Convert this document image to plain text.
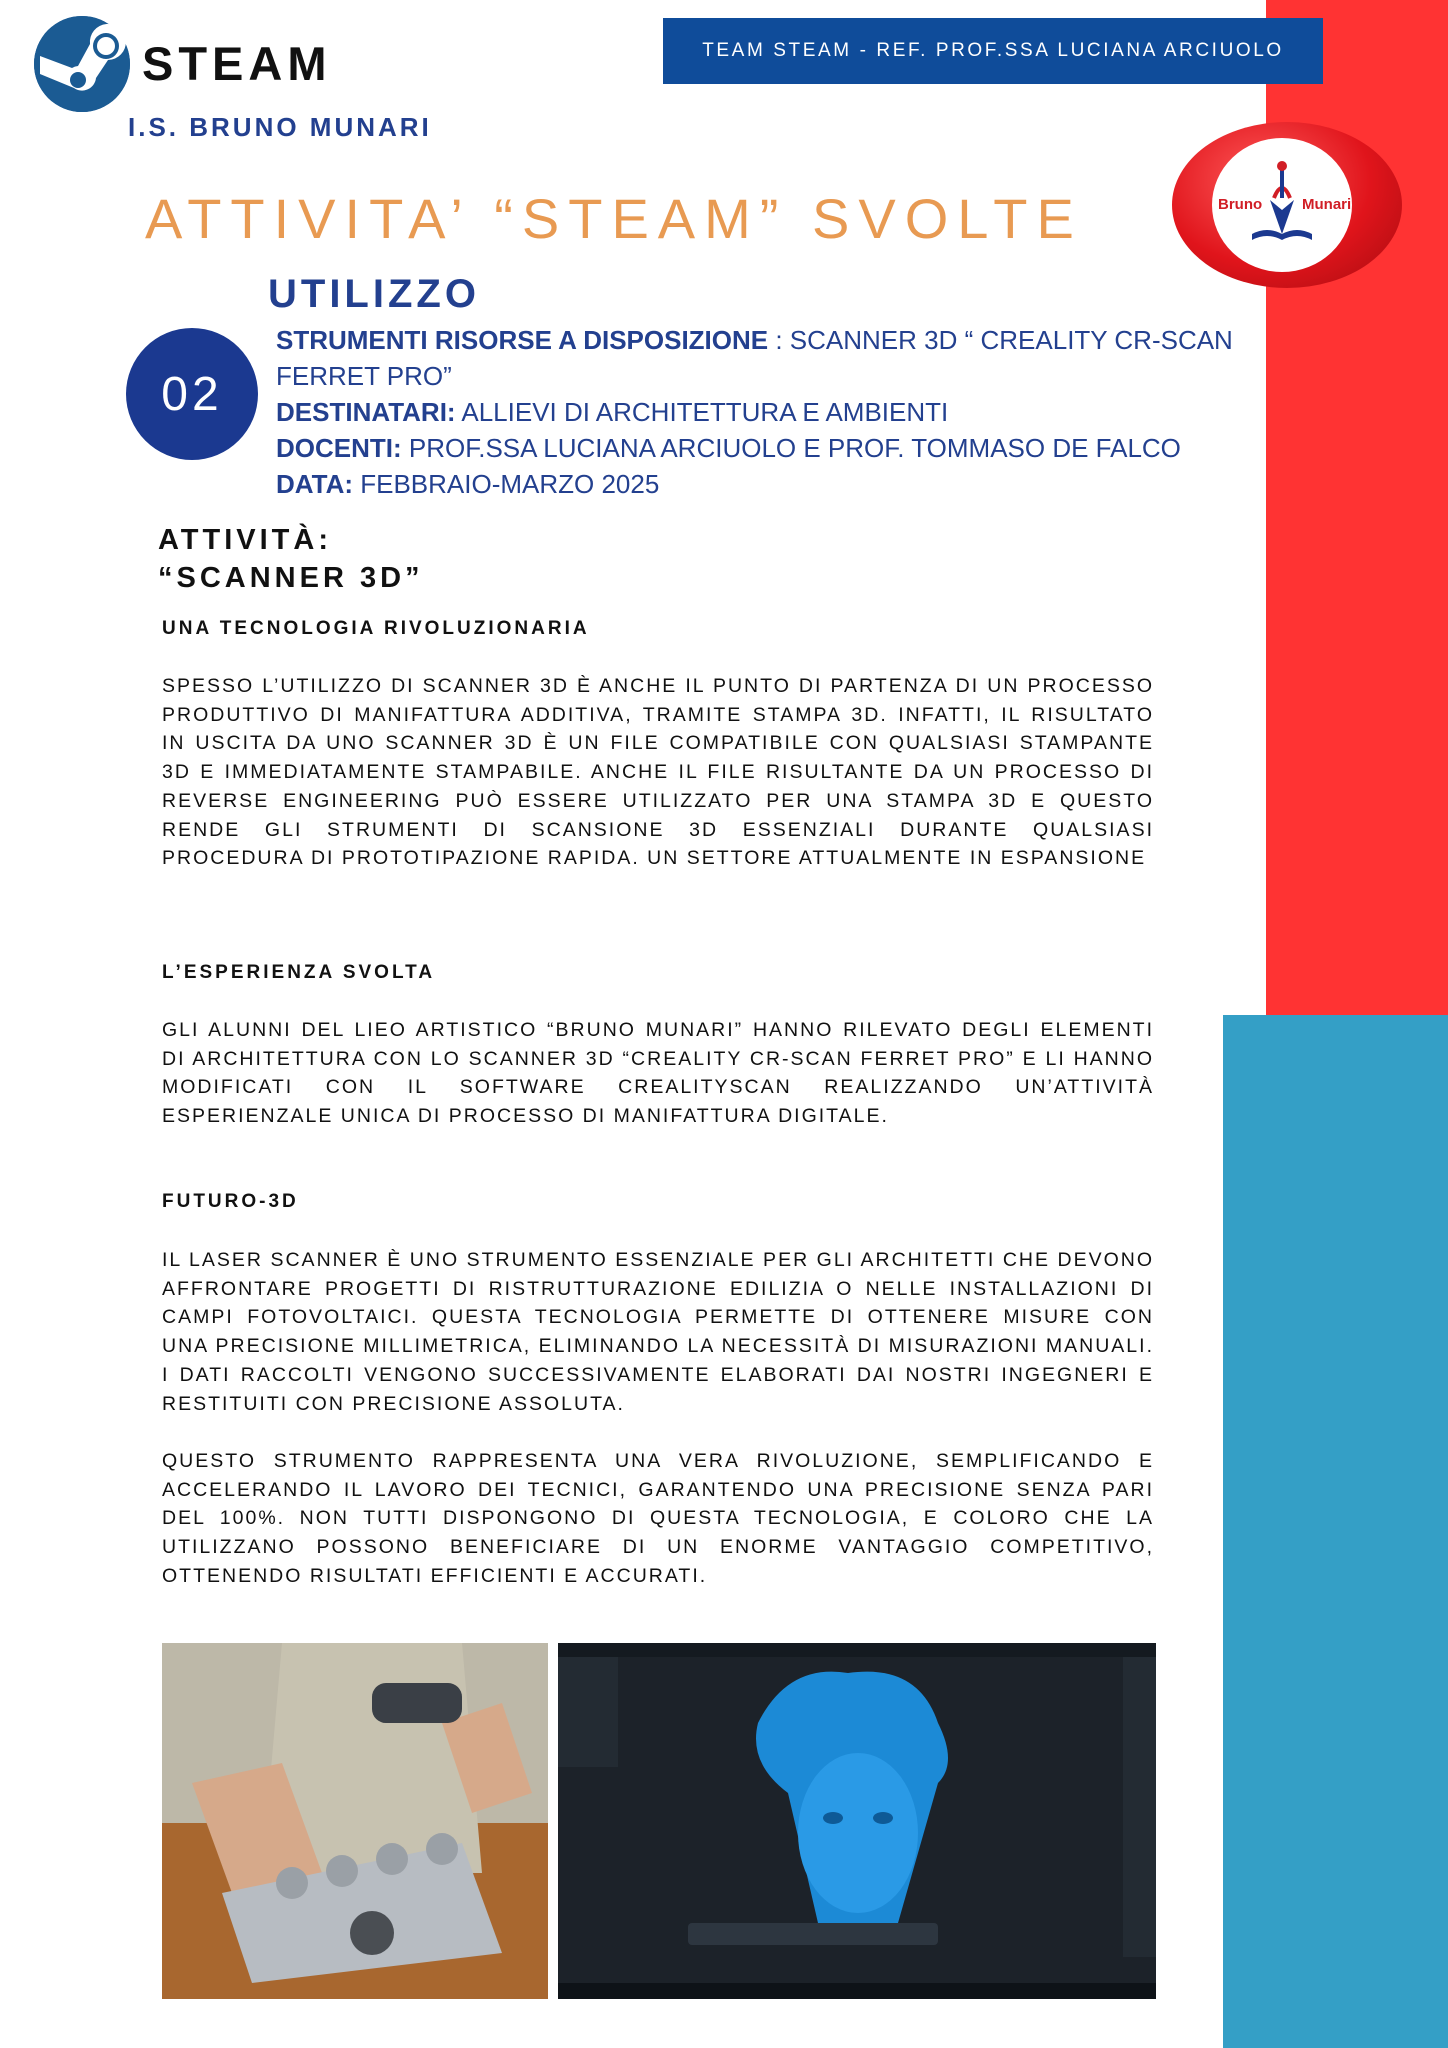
STEAM
I.S. BRUNO MUNARI
TEAM STEAM - REF. PROF.SSA LUCIANA ARCIUOLO
Bruno	Munari
ATTIVITA’ “STEAM” SVOLTE
UTILIZZO
02
STRUMENTI RISORSE A DISPOSIZIONE : SCANNER 3D “ CREALITY CR-SCAN FERRET PRO”
DESTINATARI: ALLIEVI DI ARCHITETTURA E AMBIENTI
DOCENTI: PROF.SSA LUCIANA ARCIUOLO E PROF. TOMMASO DE FALCO
DATA: FEBBRAIO-MARZO 2025
ATTIVITÀ:
“SCANNER 3D”
UNA TECNOLOGIA RIVOLUZIONARIA
SPESSO L’UTILIZZO DI SCANNER 3D È ANCHE IL PUNTO DI PARTENZA DI UN PROCESSO PRODUTTIVO DI MANIFATTURA ADDITIVA, TRAMITE STAMPA 3D. INFATTI, IL RISULTATO IN USCITA DA UNO SCANNER 3D È UN FILE COMPATIBILE CON QUALSIASI STAMPANTE 3D E IMMEDIATAMENTE STAMPABILE. ANCHE IL FILE RISULTANTE DA UN PROCESSO DI REVERSE ENGINEERING PUÒ ESSERE UTILIZZATO PER UNA STAMPA 3D E QUESTO RENDE GLI STRUMENTI DI SCANSIONE 3D ESSENZIALI DURANTE QUALSIASI PROCEDURA DI PROTOTIPAZIONE RAPIDA. UN SETTORE ATTUALMENTE IN ESPANSIONE
L’ESPERIENZA SVOLTA
GLI ALUNNI DEL LIEO ARTISTICO “BRUNO MUNARI” HANNO RILEVATO DEGLI ELEMENTI DI ARCHITETTURA CON LO SCANNER 3D “CREALITY CR-SCAN FERRET PRO” E LI HANNO MODIFICATI CON IL SOFTWARE CREALITYSCAN REALIZZANDO UN’ATTIVITÀ ESPERIENZALE UNICA DI PROCESSO DI MANIFATTURA DIGITALE.
FUTURO-3D
IL LASER SCANNER È UNO STRUMENTO ESSENZIALE PER GLI ARCHITETTI CHE DEVONO AFFRONTARE PROGETTI DI RISTRUTTURAZIONE EDILIZIA O NELLE INSTALLAZIONI DI CAMPI FOTOVOLTAICI. QUESTA TECNOLOGIA PERMETTE DI OTTENERE MISURE CON UNA PRECISIONE MILLIMETRICA, ELIMINANDO LA NECESSITÀ DI MISURAZIONI MANUALI. I DATI RACCOLTI VENGONO SUCCESSIVAMENTE ELABORATI DAI NOSTRI INGEGNERI E RESTITUITI CON PRECISIONE ASSOLUTA.
QUESTO STRUMENTO RAPPRESENTA UNA VERA RIVOLUZIONE, SEMPLIFICANDO E ACCELERANDO IL LAVORO DEI TECNICI, GARANTENDO UNA PRECISIONE SENZA PARI DEL 100%. NON TUTTI DISPONGONO DI QUESTA TECNOLOGIA, E COLORO CHE LA UTILIZZANO POSSONO BENEFICIARE DI UN ENORME VANTAGGIO COMPETITIVO, OTTENENDO RISULTATI EFFICIENTI E ACCURATI.
